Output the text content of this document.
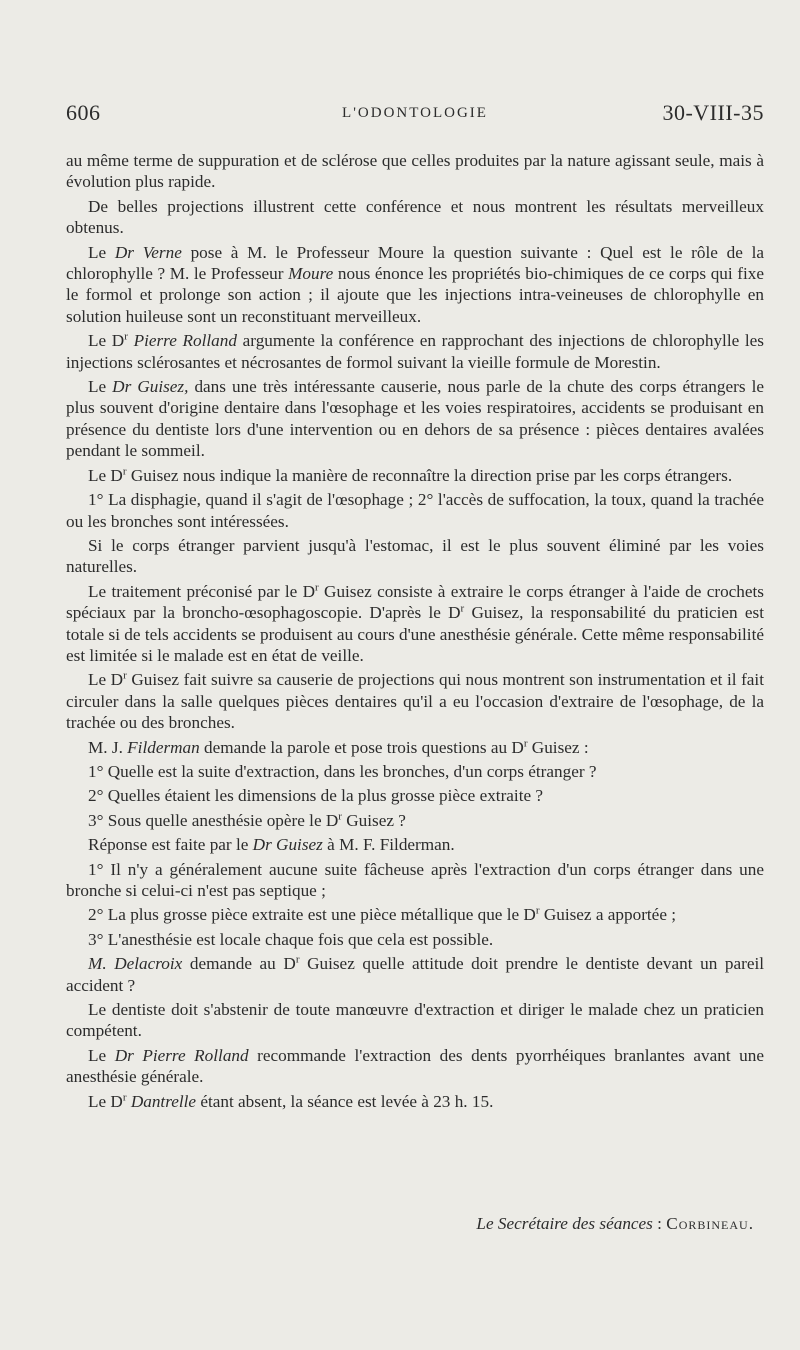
606	L'ODONTOLOGIE	30-VIII-35

au même terme de suppuration et de sclérose que celles produites par la nature agissant seule, mais à évolution plus rapide.

De belles projections illustrent cette conférence et nous montrent les résultats merveilleux obtenus.

Le Dr Verne pose à M. le Professeur Moure la question suivante : Quel est le rôle de la chlorophylle ? M. le Professeur Moure nous énonce les propriétés bio-chimiques de ce corps qui fixe le formol et prolonge son action ; il ajoute que les injections intra-veineuses de chlorophylle en solution huileuse sont un reconstituant merveilleux.

Le $D^r$ Pierre Rolland argumente la conférence en rapprochant des injections de chlorophylle les injections sclérosantes et nécrosantes de formol suivant la vieille formule de Morestin.

Le Dr Guisez, dans une très intéressante causerie, nous parle de la chute des corps étrangers le plus souvent d'origine dentaire dans l'œsophage et les voies respiratoires, accidents se produisant en présence du dentiste lors d'une intervention ou en dehors de sa présence : pièces dentaires avalées pendant le sommeil.

Le $D^r$ Guisez nous indique la manière de reconnaître la direction prise par les corps étrangers.

1° La disphagie, quand il s'agit de l'œsophage ; 2° l'accès de suffocation, la toux, quand la trachée ou les bronches sont intéressées.

Si le corps étranger parvient jusqu'à l'estomac, il est le plus souvent éliminé par les voies naturelles.

Le traitement préconisé par le $D^r$ Guisez consiste à extraire le corps étranger à l'aide de crochets spéciaux par la broncho-œsophagoscopie. D'après le $D^r$ Guisez, la responsabilité du praticien est totale si de tels accidents se produisent au cours d'une anesthésie générale. Cette même responsabilité est limitée si le malade est en état de veille.

Le $D^r$ Guisez fait suivre sa causerie de projections qui nous montrent son instrumentation et il fait circuler dans la salle quelques pièces dentaires qu'il a eu l'occasion d'extraire de l'œsophage, de la trachée ou des bronches.

M. J. Filderman demande la parole et pose trois questions au $D^r$ Guisez :

1° Quelle est la suite d'extraction, dans les bronches, d'un corps étranger ?

2° Quelles étaient les dimensions de la plus grosse pièce extraite ?

3° Sous quelle anesthésie opère le $D^r$ Guisez ?

Réponse est faite par le Dr Guisez à M. F. Filderman.

1° Il n'y a généralement aucune suite fâcheuse après l'extraction d'un corps étranger dans une bronche si celui-ci n'est pas septique ;

2° La plus grosse pièce extraite est une pièce métallique que le $D^r$ Guisez a apportée ;

3° L'anesthésie est locale chaque fois que cela est possible.

M. Delacroix demande au $D^r$ Guisez quelle attitude doit prendre le dentiste devant un pareil accident ?

Le dentiste doit s'abstenir de toute manœuvre d'extraction et diriger le malade chez un praticien compétent.

Le Dr Pierre Rolland recommande l'extraction des dents pyorrhéiques branlantes avant une anesthésie générale.

Le $D^r$ Dantrelle étant absent, la séance est levée à 23 h. 15.

Le Secrétaire des séances : Corbineau.
